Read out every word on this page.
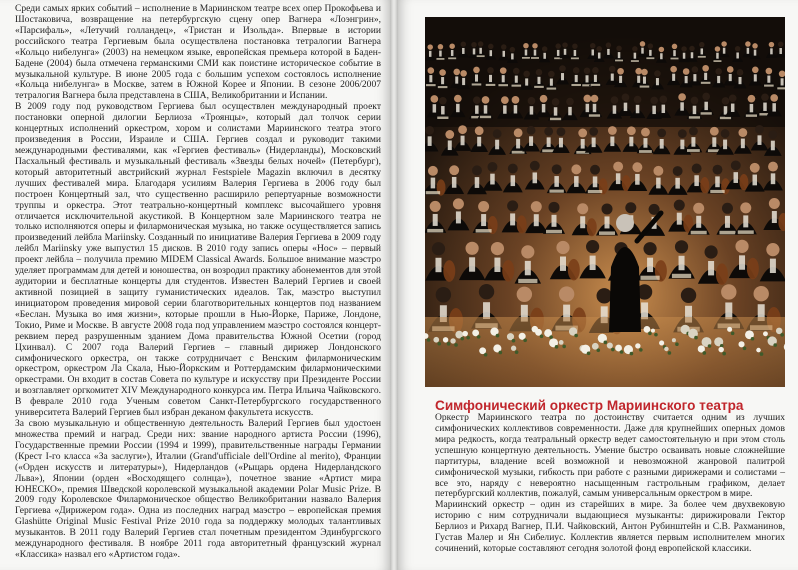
Среди самых ярких событий – исполнение в Мариинском театре всех опер Прокофьева и Шостаковича, возвращение на петербургскую сцену опер Вагнера «Лоэнгрин», «Парсифаль», «Летучий голландец», «Тристан и Изольда». Впервые в истории российского театра Гергиевым была осуществлена постановка тетралогии Вагнера «Кольцо нибелунга» (2003) на немецком языке, европейская премьера которой в Баден-Бадене (2004) была отмечена германскими СМИ как поистине историческое событие в музыкальной культуре. В июне 2005 года с большим успехом состоялось исполнение «Кольца нибелунга» в Москве, затем в Южной Корее и Японии. В сезоне 2006/2007 тетралогия Вагнера была представлена в США, Великобритании и Испании.

В 2009 году под руководством Гергиева был осуществлен международный проект постановки оперной дилогии Берлиоза «Троянцы», который дал толчок серии концертных исполнений оркестром, хором и солистами Мариинского театра этого произведения в России, Израиле и США. Гергиев создал и руководит такими международными фестивалями, как «Гергиев фестиваль» (Нидерланды), Московский Пасхальный фестиваль и музыкальный фестиваль «Звезды белых ночей» (Петербург), который авторитетный австрийский журнал Festspiele Magazin включил в десятку лучших фестивалей мира. Благодаря усилиям Валерия Гергиева в 2006 году был построен Концертный зал, что существенно расширило репертуарные возможности труппы и оркестра. Этот театрально-концертный комплекс высочайшего уровня отличается исключительной акустикой. В Концертном зале Мариинского театра не только исполняются оперы и филармоническая музыка, но также осуществляется запись произведений лейбла Mariinsky. Созданный по инициативе Валерия Гергиева в 2009 году лейбл Mariinsky уже выпустил 15 дисков. В 2010 году запись оперы «Нос» – первый проект лейбла – получила премию MIDEM Classical Awards. Большое внимание маэстро уделяет программам для детей и юношества, он возродил практику абонементов для этой аудитории и бесплатные концерты для студентов. Известен Валерий Гергиев и своей активной позицией в защиту гуманистических идеалов. Так, маэстро выступил инициатором проведения мировой серии благотворительных концертов под названием «Беслан. Музыка во имя жизни», которые прошли в Нью-Йорке, Париже, Лондоне, Токио, Риме и Москве. В августе 2008 года под управлением маэстро состоялся концерт-реквием перед разрушенным зданием Дома правительства Южной Осетии (город Цхинвал). С 2007 года Валерий Гергиев – главный дирижер Лондонского симфонического оркестра, он также сотрудничает с Венским филармоническим оркестром, оркестром Ла Скала, Нью-Йоркским и Роттердамским филармоническими оркестрами. Он входит в состав Совета по культуре и искусству при Президенте России и возглавляет оргкомитет XIV Международного конкурса им. Петра Ильича Чайковского. В феврале 2010 года Ученым советом Санкт-Петербургского государственного университета Валерий Гергиев был избран деканом факультета искусств.

За свою музыкальную и общественную деятельность Валерий Гергиев был удостоен множества премий и наград. Среди них: звание народного артиста России (1996), Государственные премии России (1994 и 1999), правительственные награды Германии (Крест I-го класса «За заслуги»), Италии (Grand'ufficiale dell'Ordine al merito), Франции («Орден искусств и литературы»), Нидерландов («Рыцарь ордена Нидерландского Льва»), Японии (орден «Восходящего солнца»), почетное звание «Артист мира ЮНЕСКО», премия Шведской королевской музыкальной академии Polar Music Prize. В 2009 году Королевское Филармоническое общество Великобритании назвало Валерия Гергиева «Дирижером года». Одна из последних наград маэстро – европейская премия Glashütte Original Music Festival Prize 2010 года за поддержку молодых талантливых музыкантов. В 2011 году Валерий Гергиев стал почетным президентом Эдинбургского международного фестиваля. В ноябре 2011 года авторитетный французский журнал «Классика» назвал его «Артистом года».

Симфонический оркестр Мариинского театра

Оркестр Мариинского театра по достоинству считается одним из лучших симфонических коллективов современности. Даже для крупнейших оперных домов мира редкость, когда театральный оркестр ведет самостоятельную и при этом столь успешную концертную деятельность. Умение быстро осваивать новые сложнейшие партитуры, владение всей возможной и невозможной жанровой палитрой симфонической музыки, гибкость при работе с разными дирижерами и солистами – все это, наряду с невероятно насыщенным гастрольным графиком, делает петербургский коллектив, пожалуй, самым универсальным оркестром в мире.

Мариинский оркестр – один из старейших в мире. За более чем двухвековую историю с ним сотрудничали выдающиеся музыканты: дирижировали Гектор Берлиоз и Рихард Вагнер, П.И. Чайковский, Антон Рубинштейн и С.В. Рахманинов, Густав Малер и Ян Сибелиус. Коллектив является первым исполнителем многих сочинений, которые составляют сегодня золотой фонд европейской классики.
